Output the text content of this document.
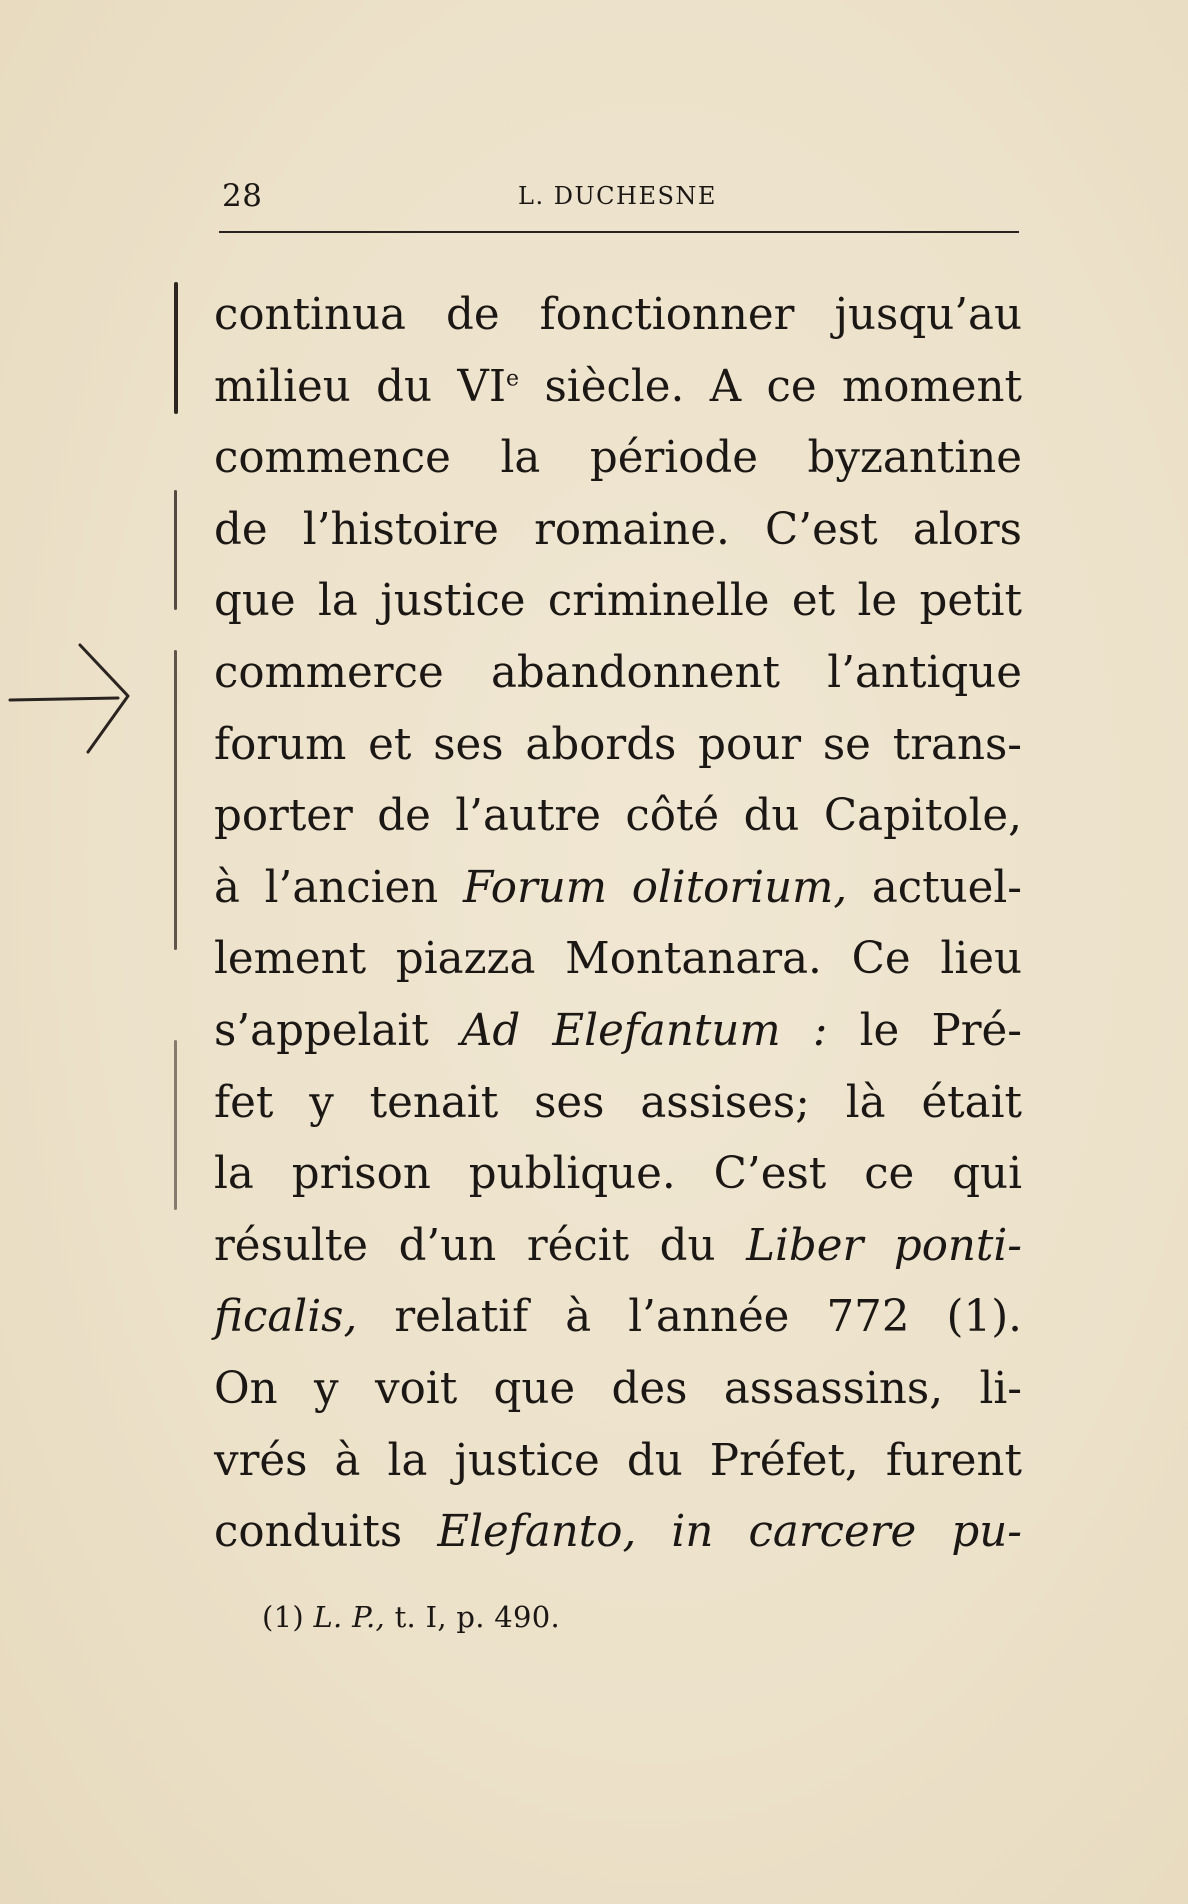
28	L. DUCHESNE
continua de fonctionner jusqu’au
milieu du VIe siècle. A ce moment
commence la période byzantine
de l’histoire romaine. C’est alors
que la justice criminelle et le petit
commerce abandonnent l’antique
forum et ses abords pour se trans-
porter de l’autre côté du Capitole,
à l’ancien Forum olitorium, actuel-
lement piazza Montanara. Ce lieu
s’appelait Ad Elefantum : le Pré-
fet y tenait ses assises; là était
la prison publique. C’est ce qui
résulte d’un récit du Liber ponti-
ficalis, relatif à l’année 772 (1).
On y voit que des assassins, li-
vrés à la justice du Préfet, furent
conduits Elefanto, in carcere pu-
(1) L. P., t. I, p. 490.
